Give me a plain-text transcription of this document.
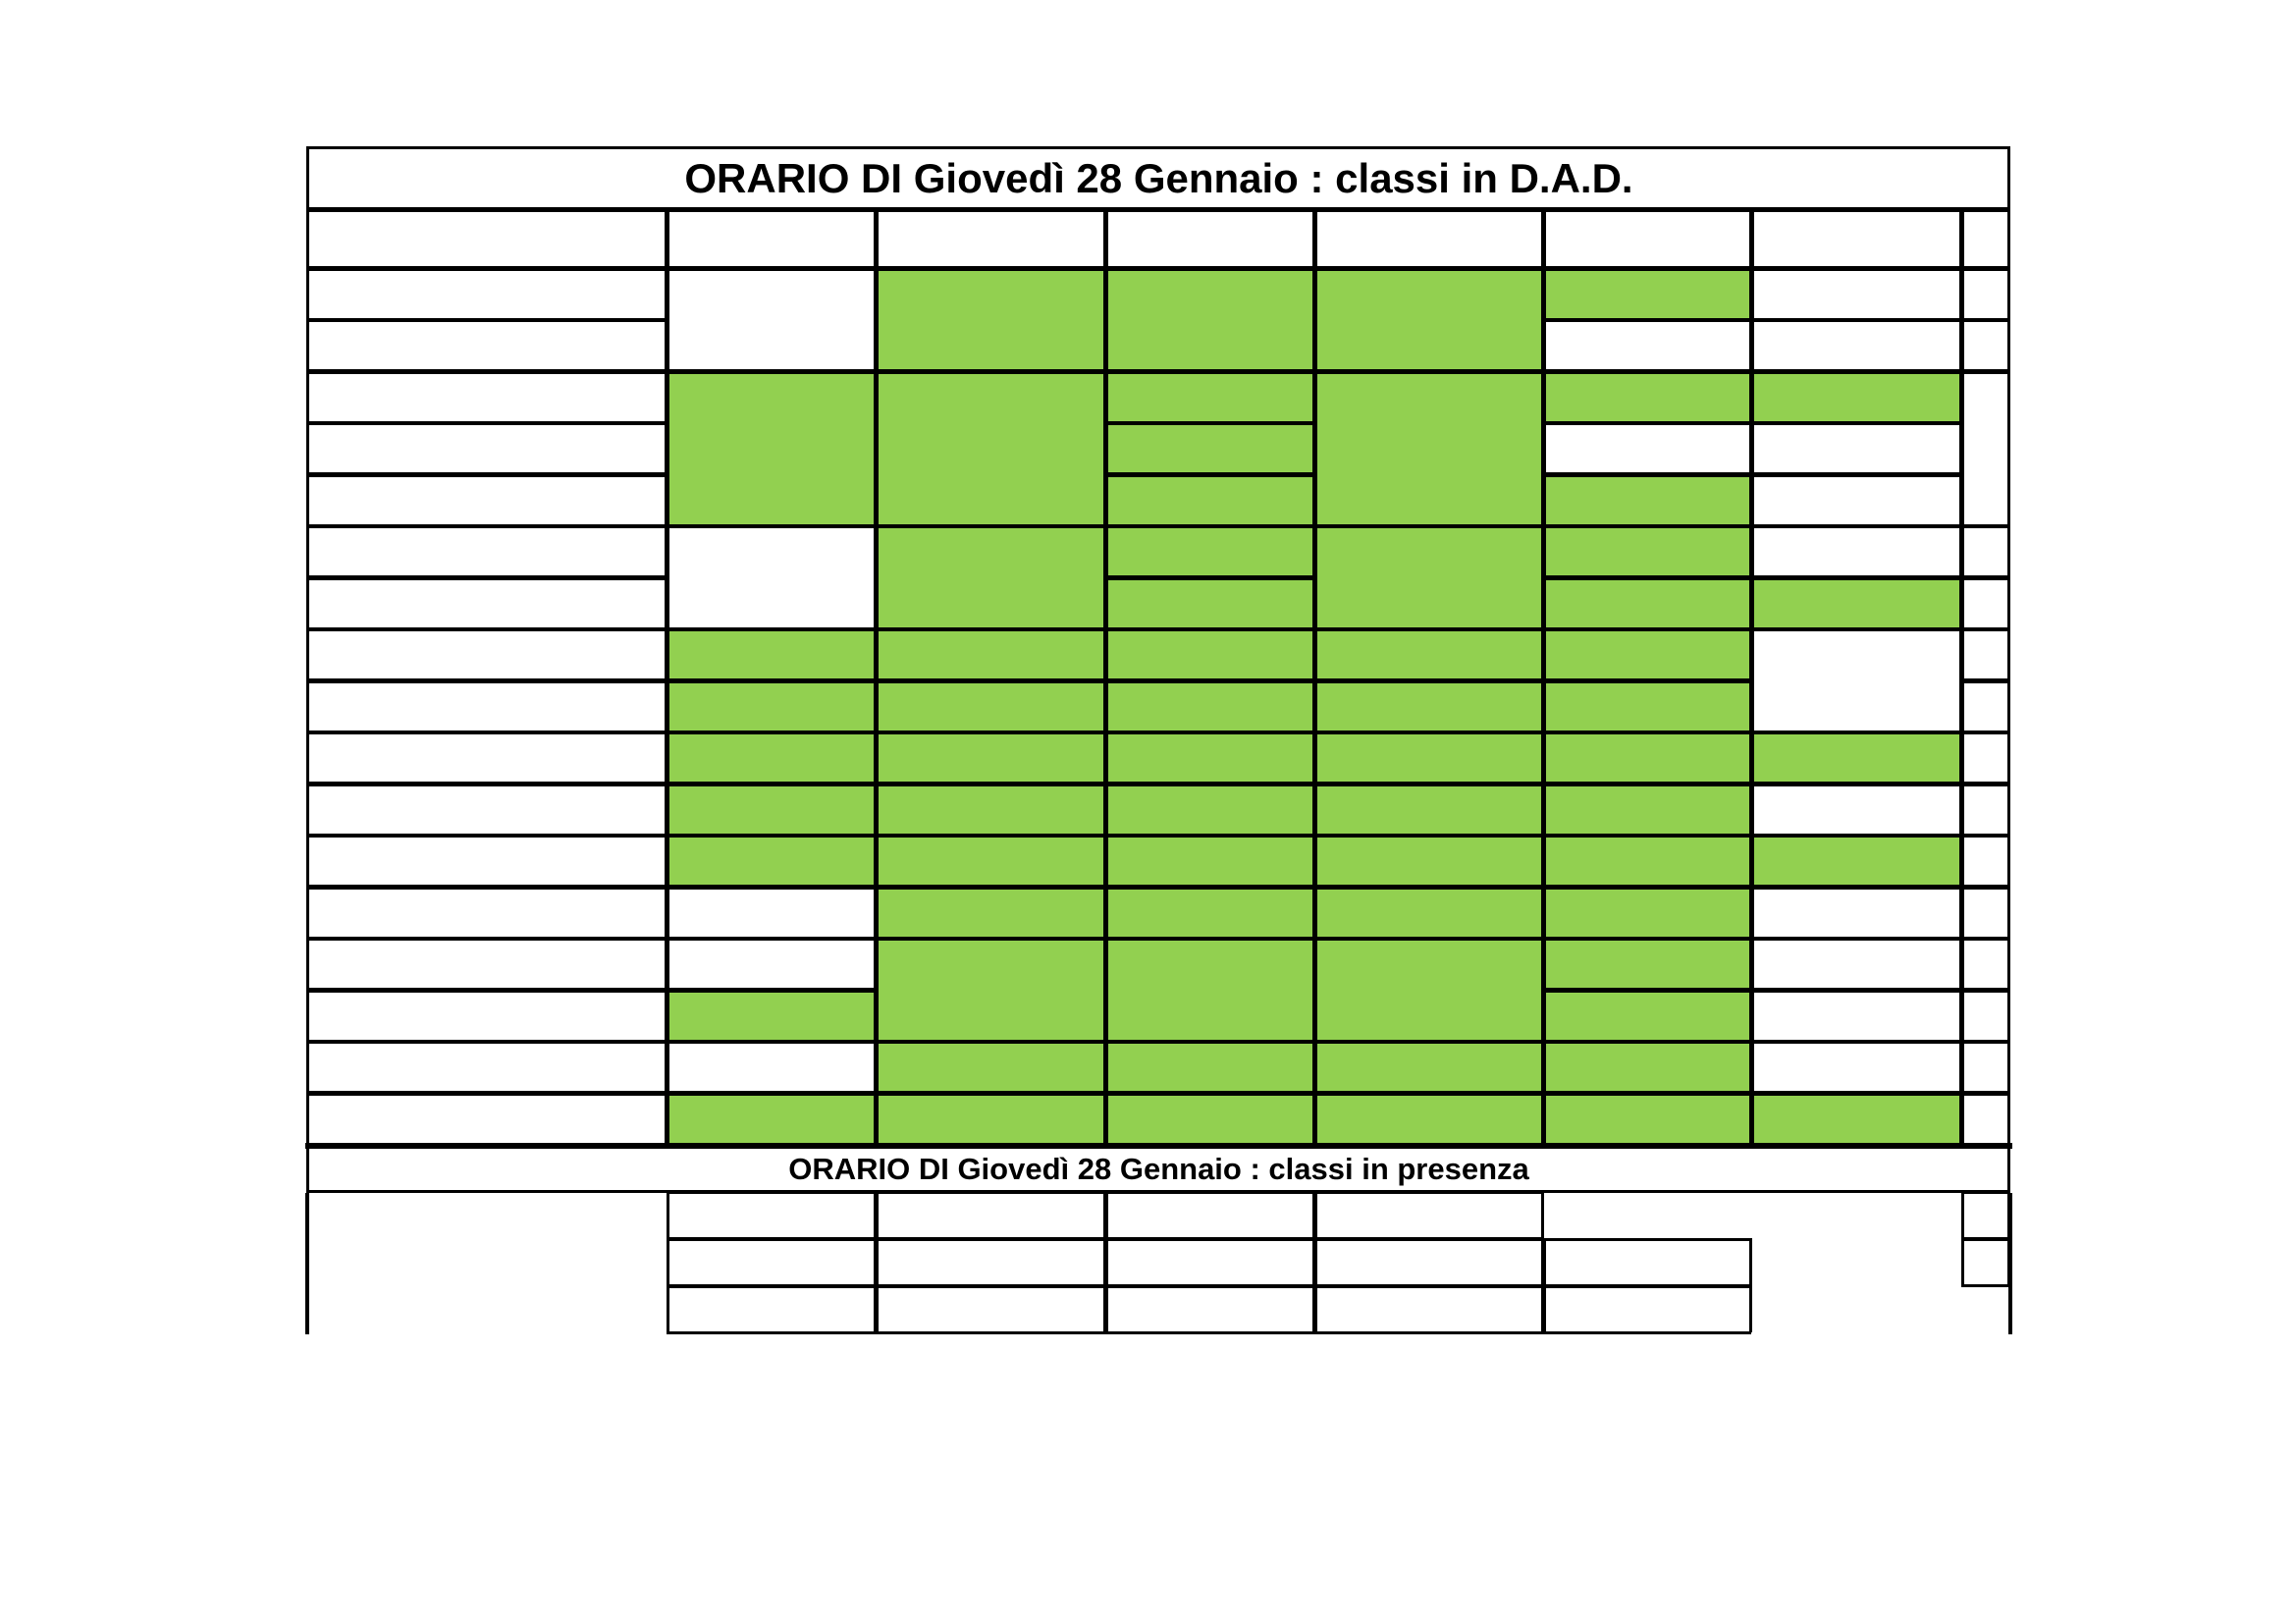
ORARIO DI Giovedì 28 Gennaio : classi in D.A.D.
ORARIO DI Giovedì 28 Gennaio : classi in presenza
